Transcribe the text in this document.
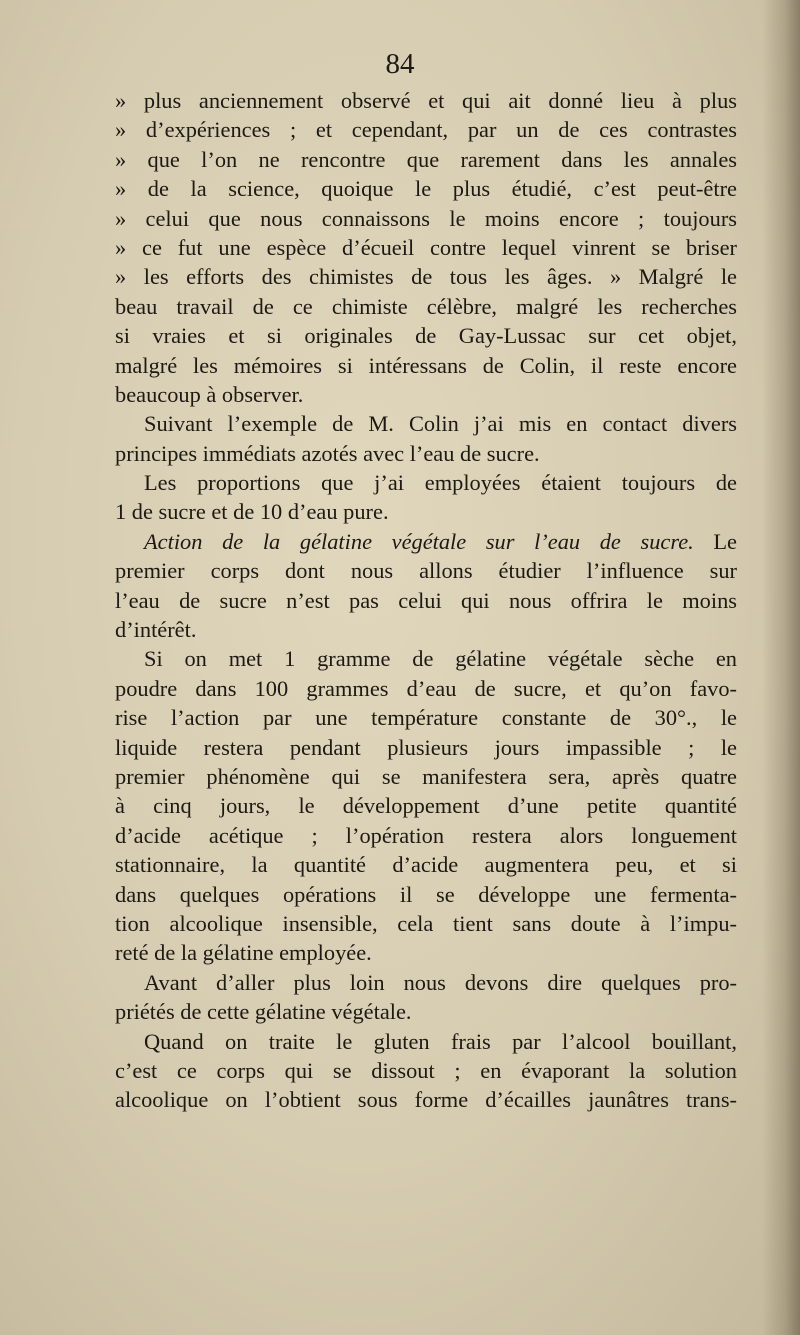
84
» plus anciennement observé et qui ait donné lieu à plus
» d’expériences ; et cependant, par un de ces contrastes
» que l’on ne rencontre que rarement dans les annales
» de la science, quoique le plus étudié, c’est peut-être
» celui que nous connaissons le moins encore ; toujours
» ce fut une espèce d’écueil contre lequel vinrent se briser
» les efforts des chimistes de tous les âges. » Malgré le
beau travail de ce chimiste célèbre, malgré les recherches
si vraies et si originales de Gay-Lussac sur cet objet,
malgré les mémoires si intéressans de Colin, il reste encore
beaucoup à observer.
Suivant l’exemple de M. Colin j’ai mis en contact divers
principes immédiats azotés avec l’eau de sucre.
Les proportions que j’ai employées étaient toujours de
1 de sucre et de 10 d’eau pure.
Action de la gélatine végétale sur l’eau de sucre. Le
premier corps dont nous allons étudier l’influence sur
l’eau de sucre n’est pas celui qui nous offrira le moins
d’intérêt.
Si on met 1 gramme de gélatine végétale sèche en
poudre dans 100 grammes d’eau de sucre, et qu’on favo-
rise l’action par une température constante de 30°., le
liquide restera pendant plusieurs jours impassible ; le
premier phénomène qui se manifestera sera, après quatre
à cinq jours, le développement d’une petite quantité
d’acide acétique ; l’opération restera alors longuement
stationnaire, la quantité d’acide augmentera peu, et si
dans quelques opérations il se développe une fermenta-
tion alcoolique insensible, cela tient sans doute à l’impu-
reté de la gélatine employée.
Avant d’aller plus loin nous devons dire quelques pro-
priétés de cette gélatine végétale.
Quand on traite le gluten frais par l’alcool bouillant,
c’est ce corps qui se dissout ; en évaporant la solution
alcoolique on l’obtient sous forme d’écailles jaunâtres trans-
